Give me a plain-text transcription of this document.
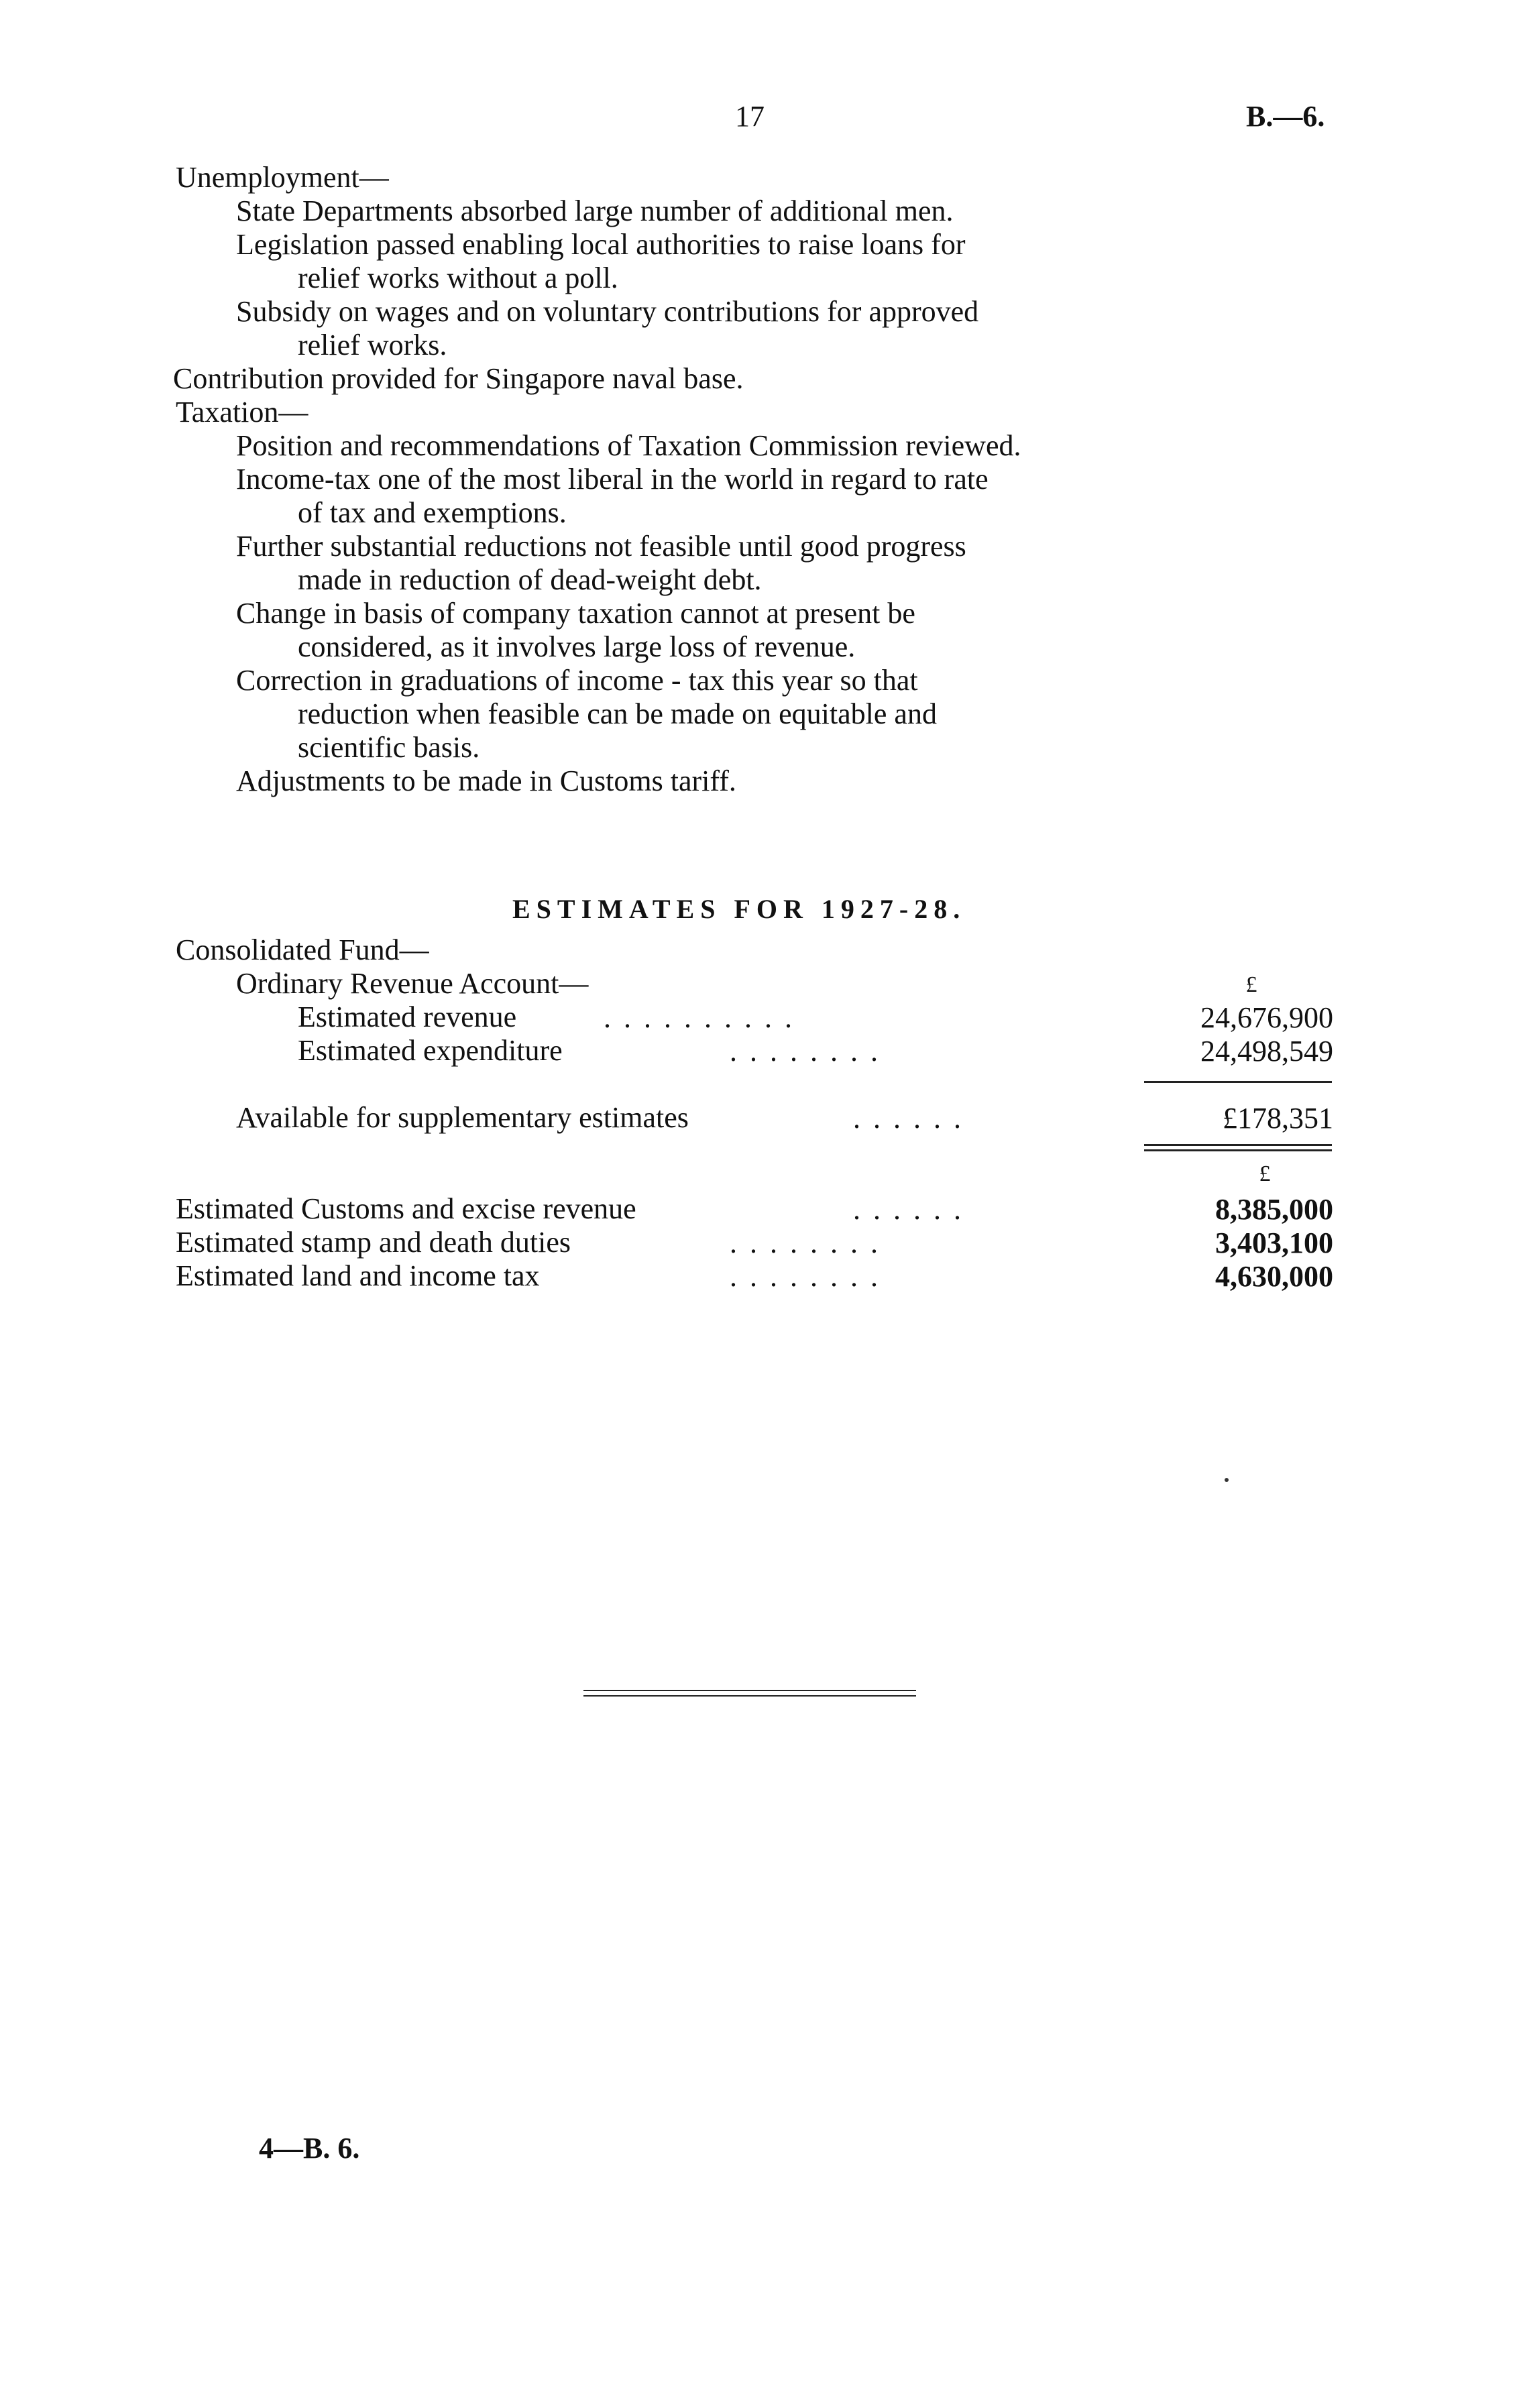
17	B.—6.
Unemployment—
State Departments absorbed large number of additional men.
Legislation passed enabling local authorities to raise loans for
relief works without a poll.
Subsidy on wages and on voluntary contributions for approved
relief works.
Contribution provided for Singapore naval base.
Taxation—
Position and recommendations of Taxation Commission reviewed.
Income-tax one of the most liberal in the world in regard to rate
of tax and exemptions.
Further substantial reductions not feasible until good progress
made in reduction of dead-weight debt.
Change in basis of company taxation cannot at present be
considered, as it involves large loss of revenue.
Correction in graduations of income - tax this year so that
reduction when feasible can be made on equitable and
scientific basis.
Adjustments to be made in Customs tariff.
ESTIMATES FOR 1927-28.
Consolidated Fund—
Ordinary Revenue Account—	£
Estimated revenue	. . . . . . . . . .	24,676,900
Estimated expenditure	. . . . . . . .	24,498,549
Available for supplementary estimates	. . . . . .	£178,351
£
Estimated Customs and excise revenue	. . . . . .	8,385,000
Estimated stamp and death duties	. . . . . . . .	3,403,100
Estimated land and income tax	. . . . . . . .	4,630,000
4—B. 6.
